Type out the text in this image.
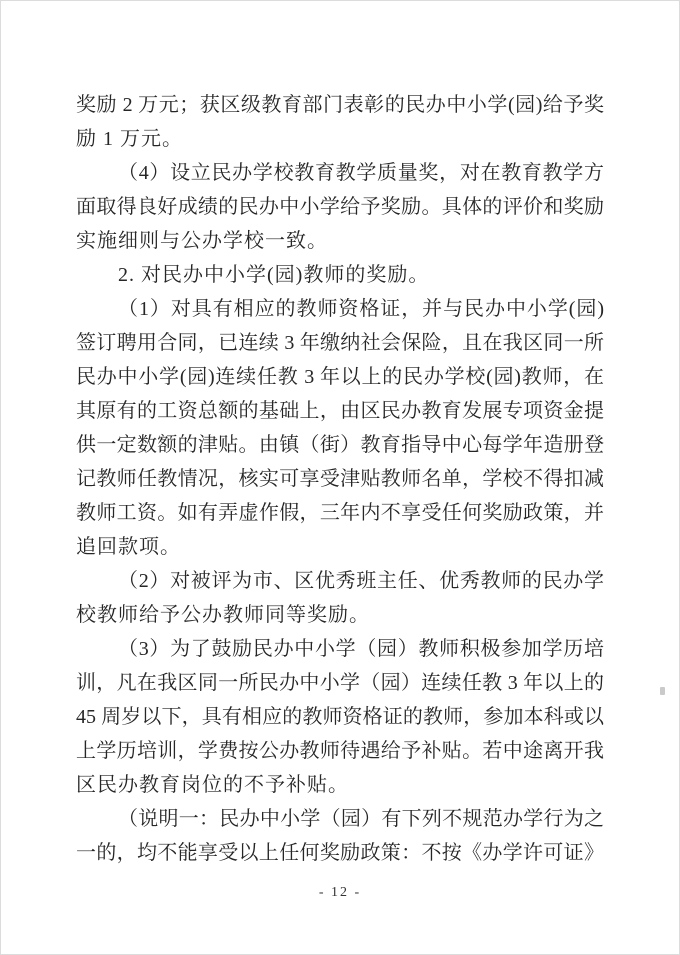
奖励 2 万元；获区级教育部门表彰的民办中小学(园)给予奖
励 1 万元。
（4）设立民办学校教育教学质量奖，对在教育教学方
面取得良好成绩的民办中小学给予奖励。具体的评价和奖励
实施细则与公办学校一致。
2. 对民办中小学(园)教师的奖励。
（1）对具有相应的教师资格证，并与民办中小学(园)
签订聘用合同，已连续 3 年缴纳社会保险，且在我区同一所
民办中小学(园)连续任教 3 年以上的民办学校(园)教师，在
其原有的工资总额的基础上，由区民办教育发展专项资金提
供一定数额的津贴。由镇（街）教育指导中心每学年造册登
记教师任教情况，核实可享受津贴教师名单，学校不得扣减
教师工资。如有弄虚作假，三年内不享受任何奖励政策，并
追回款项。
（2）对被评为市、区优秀班主任、优秀教师的民办学
校教师给予公办教师同等奖励。
（3）为了鼓励民办中小学（园）教师积极参加学历培
训，凡在我区同一所民办中小学（园）连续任教 3 年以上的
45 周岁以下，具有相应的教师资格证的教师，参加本科或以
上学历培训，学费按公办教师待遇给予补贴。若中途离开我
区民办教育岗位的不予补贴。
（说明一：民办中小学（园）有下列不规范办学行为之
一的，均不能享受以上任何奖励政策：不按《办学许可证》
- 12 -
